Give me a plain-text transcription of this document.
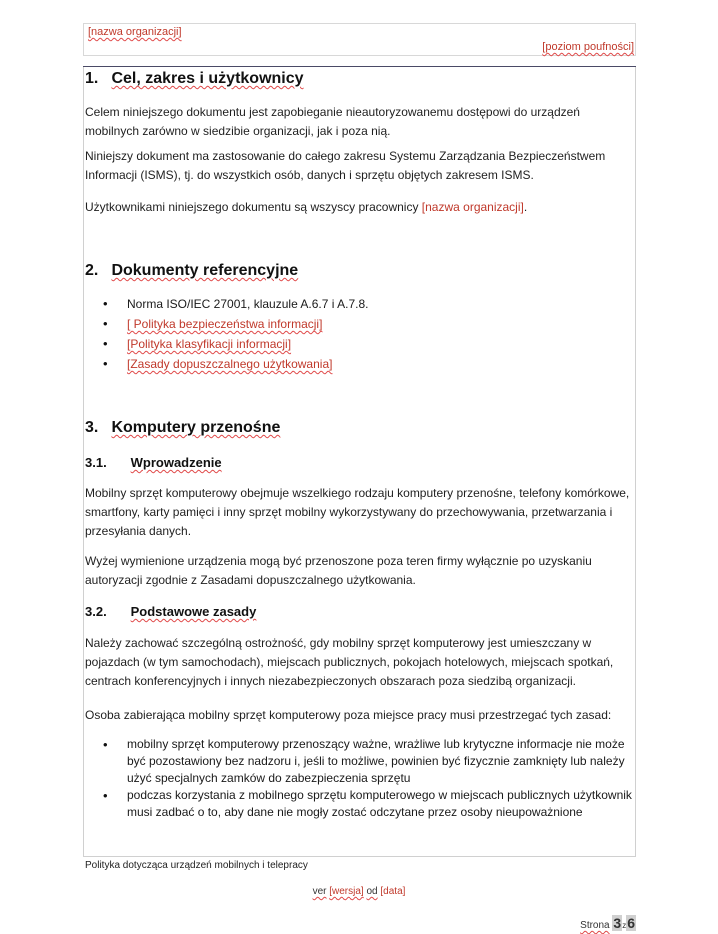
[nazwa organizacji]
[poziom poufności]
1. Cel, zakres i użytkownicy
Celem niniejszego dokumentu jest zapobieganie nieautoryzowanemu dostępowi do urządzeń mobilnych zarówno w siedzibie organizacji, jak i poza nią.
Niniejszy dokument ma zastosowanie do całego zakresu Systemu Zarządzania Bezpieczeństwem Informacji (ISMS), tj. do wszystkich osób, danych i sprzętu objętych zakresem ISMS.
Użytkownikami niniejszego dokumentu są wszyscy pracownicy [nazwa organizacji].
2. Dokumenty referencyjne
• Norma ISO/IEC 27001, klauzule A.6.7 i A.7.8.
• [ Polityka bezpieczeństwa informacji]
• [Polityka klasyfikacji informacji]
• [Zasady dopuszczalnego użytkowania]
3. Komputery przenośne
3.1. Wprowadzenie
Mobilny sprzęt komputerowy obejmuje wszelkiego rodzaju komputery przenośne, telefony komórkowe, smartfony, karty pamięci i inny sprzęt mobilny wykorzystywany do przechowywania, przetwarzania i przesyłania danych.
Wyżej wymienione urządzenia mogą być przenoszone poza teren firmy wyłącznie po uzyskaniu autoryzacji zgodnie z Zasadami dopuszczalnego użytkowania.
3.2. Podstawowe zasady
Należy zachować szczególną ostrożność, gdy mobilny sprzęt komputerowy jest umieszczany w pojazdach (w tym samochodach), miejscach publicznych, pokojach hotelowych, miejscach spotkań, centrach konferencyjnych i innych niezabezpieczonych obszarach poza siedzibą organizacji.
Osoba zabierająca mobilny sprzęt komputerowy poza miejsce pracy musi przestrzegać tych zasad:
• mobilny sprzęt komputerowy przenoszący ważne, wrażliwe lub krytyczne informacje nie może być pozostawiony bez nadzoru i, jeśli to możliwe, powinien być fizycznie zamknięty lub należy użyć specjalnych zamków do zabezpieczenia sprzętu
• podczas korzystania z mobilnego sprzętu komputerowego w miejscach publicznych użytkownik musi zadbać o to, aby dane nie mogły zostać odczytane przez osoby nieupoważnione
Polityka dotycząca urządzeń mobilnych i telepracy
ver [wersja] od [data]
Strona 3z6
